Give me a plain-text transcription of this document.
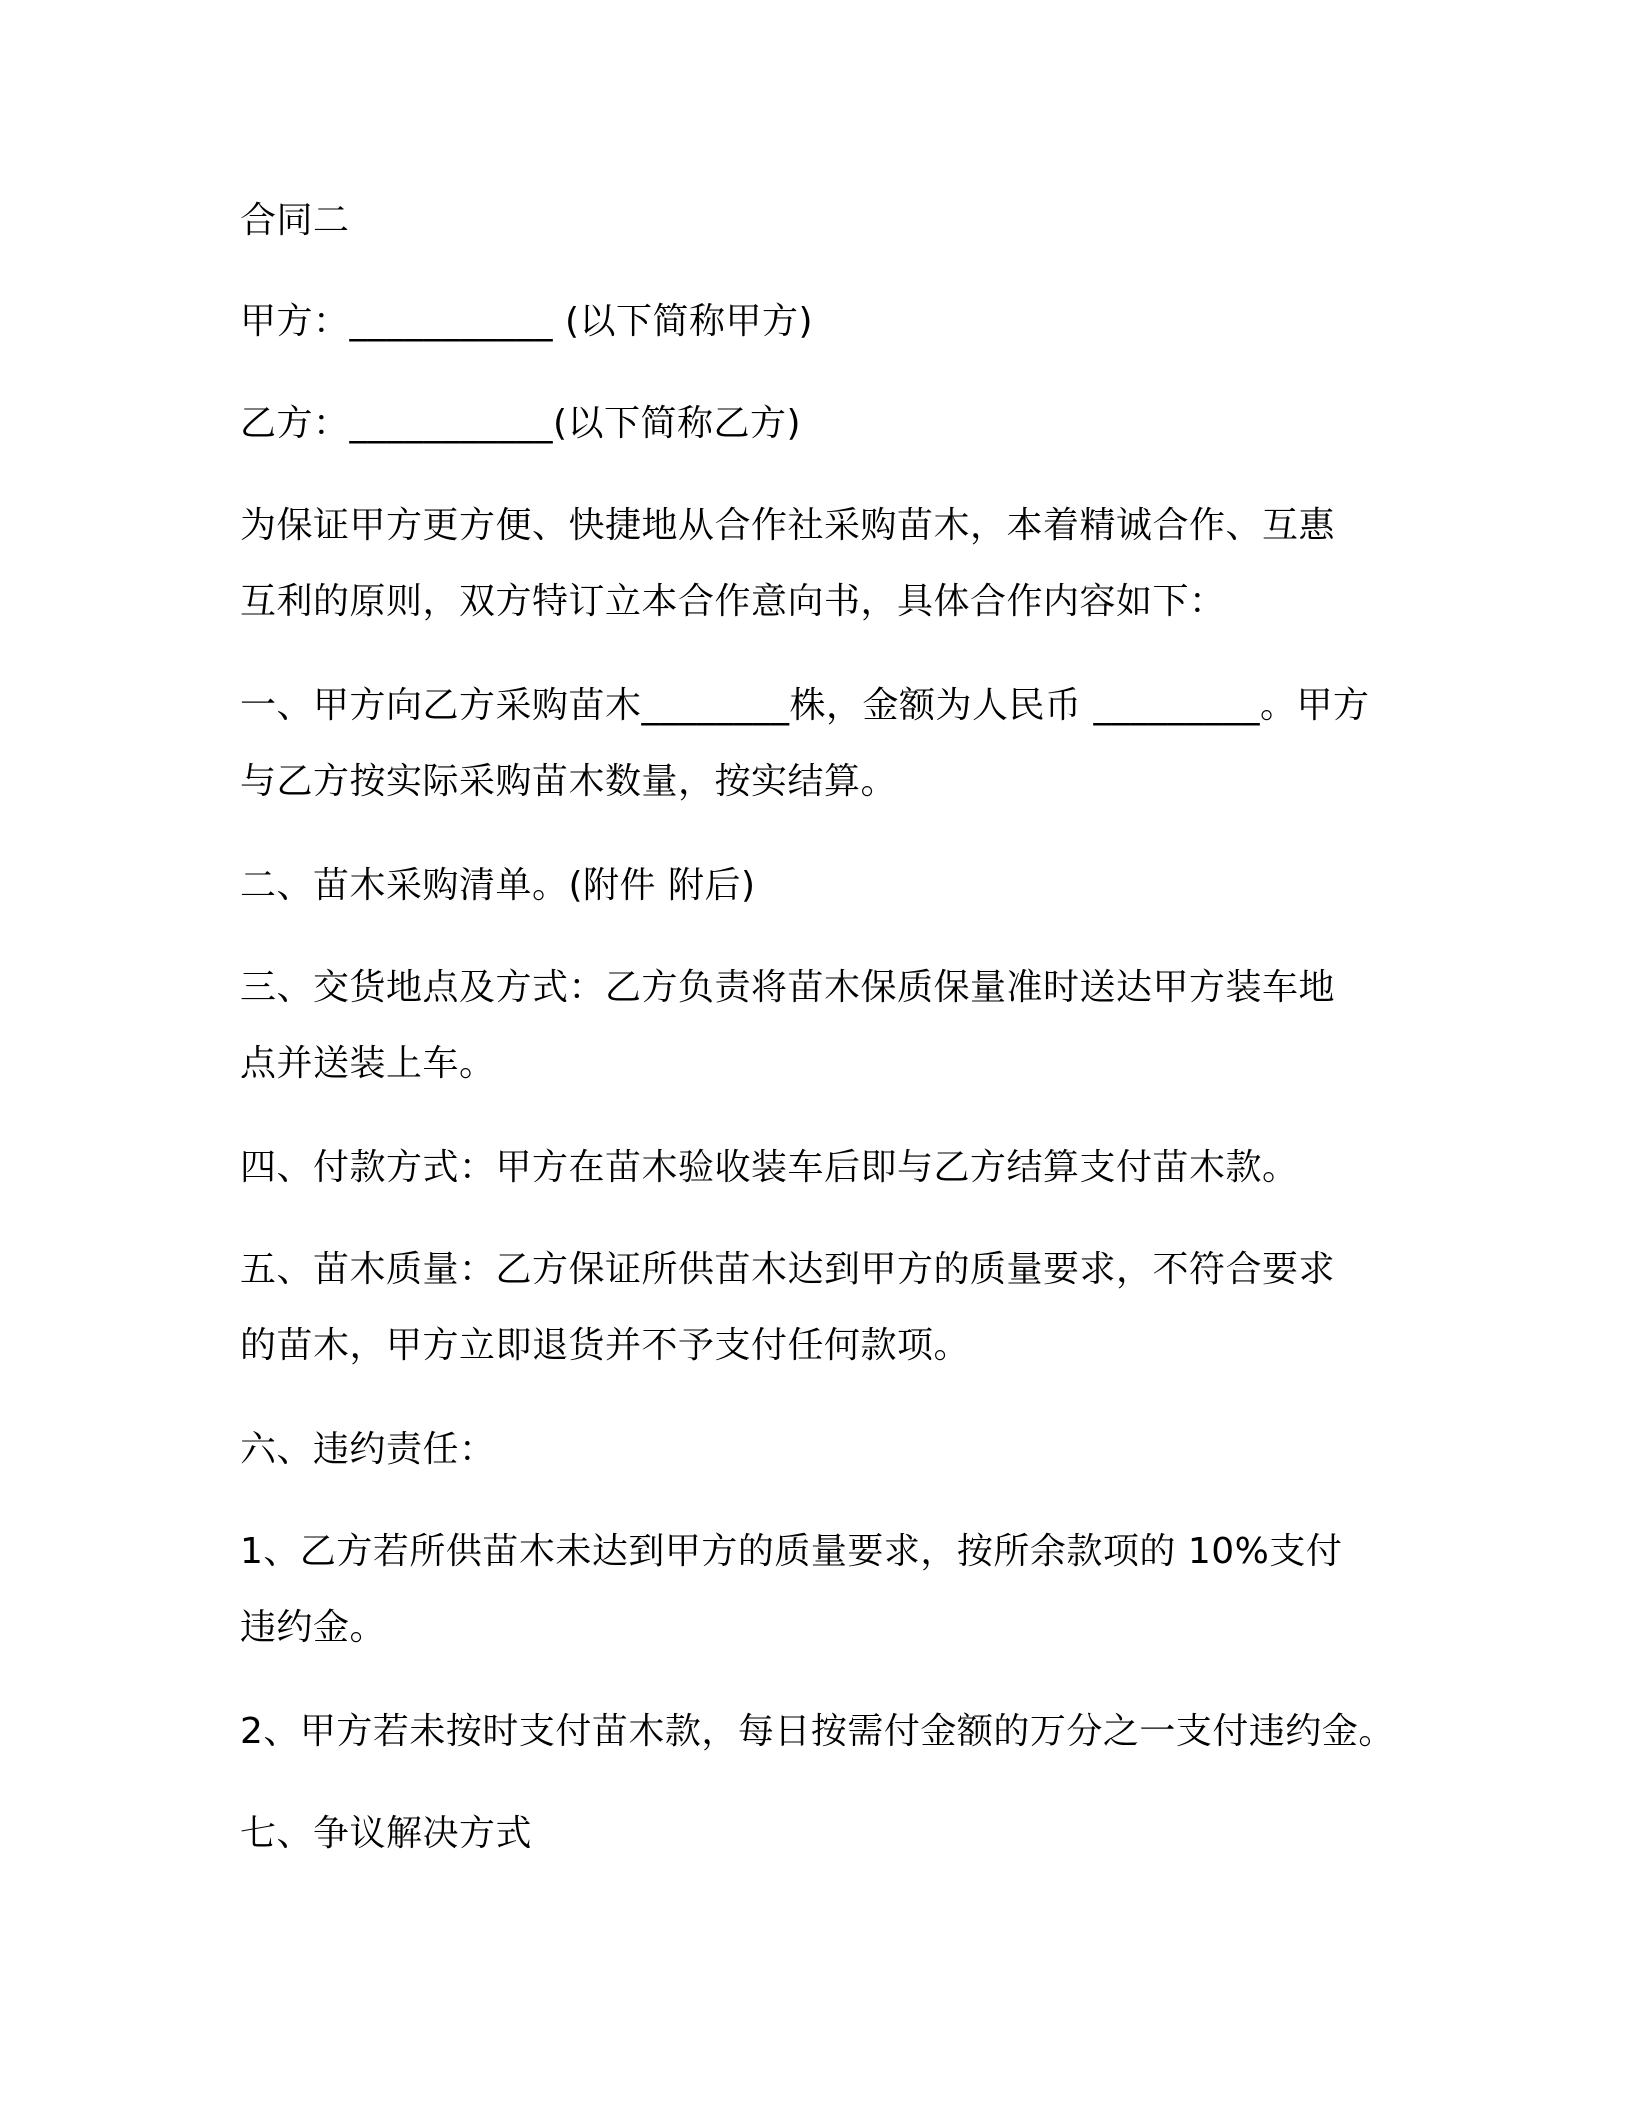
合同二
甲方：___________ (以下简称甲方)
乙方：___________(以下简称乙方)
为保证甲方更方便、快捷地从合作社采购苗木，本着精诚合作、互惠
互利的原则，双方特订立本合作意向书，具体合作内容如下：
一、甲方向乙方采购苗木________株，金额为人民币 _________。甲方
与乙方按实际采购苗木数量，按实结算。
二、苗木采购清单。(附件 附后)
三、交货地点及方式：乙方负责将苗木保质保量准时送达甲方装车地
点并送装上车。
四、付款方式：甲方在苗木验收装车后即与乙方结算支付苗木款。
五、苗木质量：乙方保证所供苗木达到甲方的质量要求，不符合要求
的苗木，甲方立即退货并不予支付任何款项。
六、违约责任：
1、乙方若所供苗木未达到甲方的质量要求，按所余款项的 10%支付
违约金。
2、甲方若未按时支付苗木款，每日按需付金额的万分之一支付违约金。
七、争议解决方式
